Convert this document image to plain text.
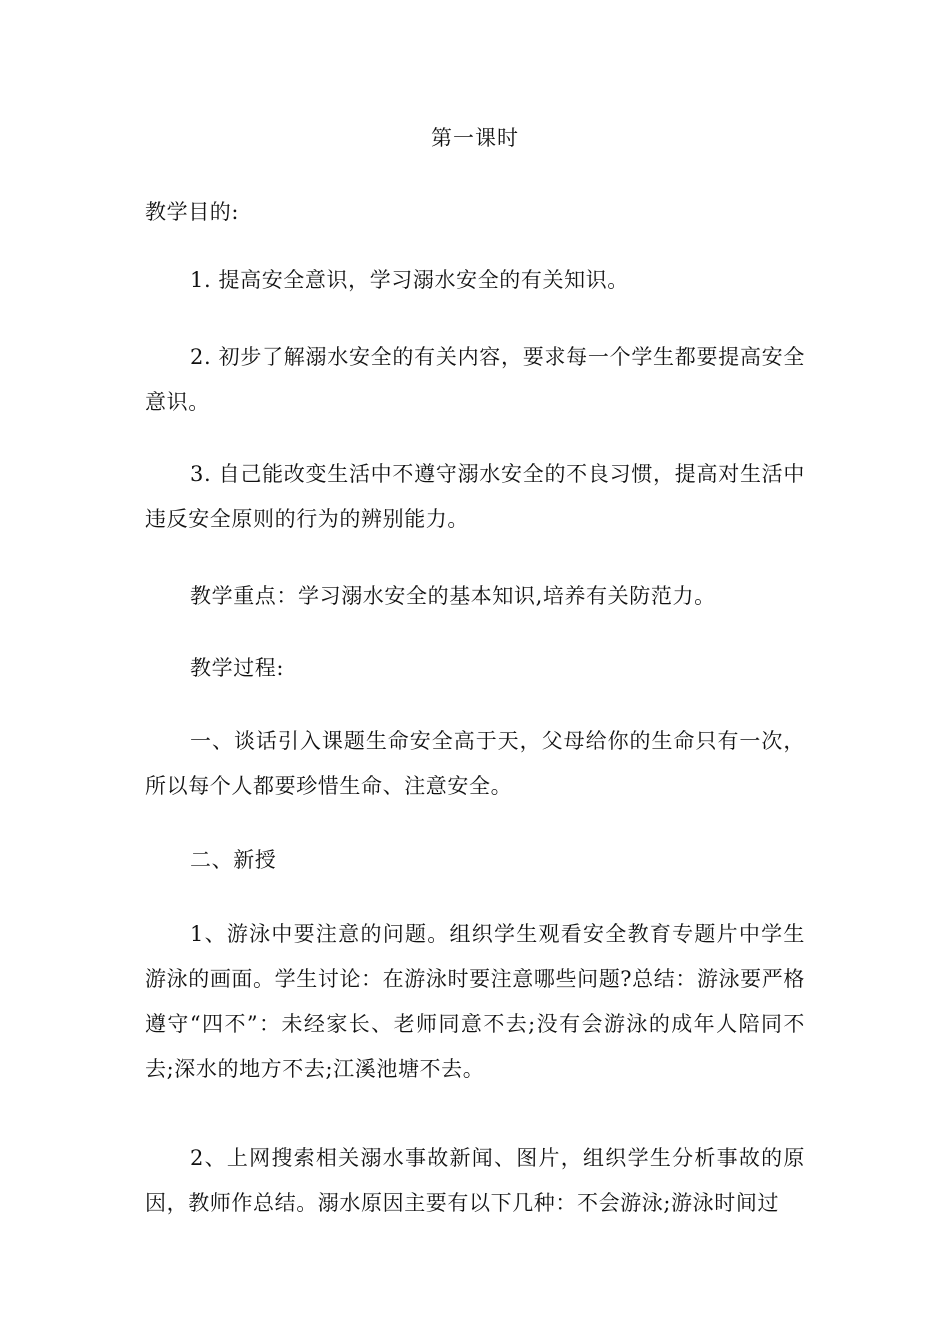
第一课时
教学目的:
1. 提高安全意识，学习溺水安全的有关知识。
2. 初步了解溺水安全的有关内容，要求每一个学生都要提高安全意识。
3. 自己能改变生活中不遵守溺水安全的不良习惯，提高对生活中违反安全原则的行为的辨别能力。
教学重点：学习溺水安全的基本知识,培养有关防范力。
教学过程:
一、谈话引入课题生命安全高于天，父母给你的生命只有一次，所以每个人都要珍惜生命、注意安全。
二、新授
1、游泳中要注意的问题。组织学生观看安全教育专题片中学生游泳的画面。学生讨论：在游泳时要注意哪些问题?总结：游泳要严格遵守“四不”：未经家长、老师同意不去;没有会游泳的成年人陪同不去;深水的地方不去;江溪池塘不去。
2、上网搜索相关溺水事故新闻、图片，组织学生分析事故的原因，教师作总结。溺水原因主要有以下几种：不会游泳;游泳时间过
